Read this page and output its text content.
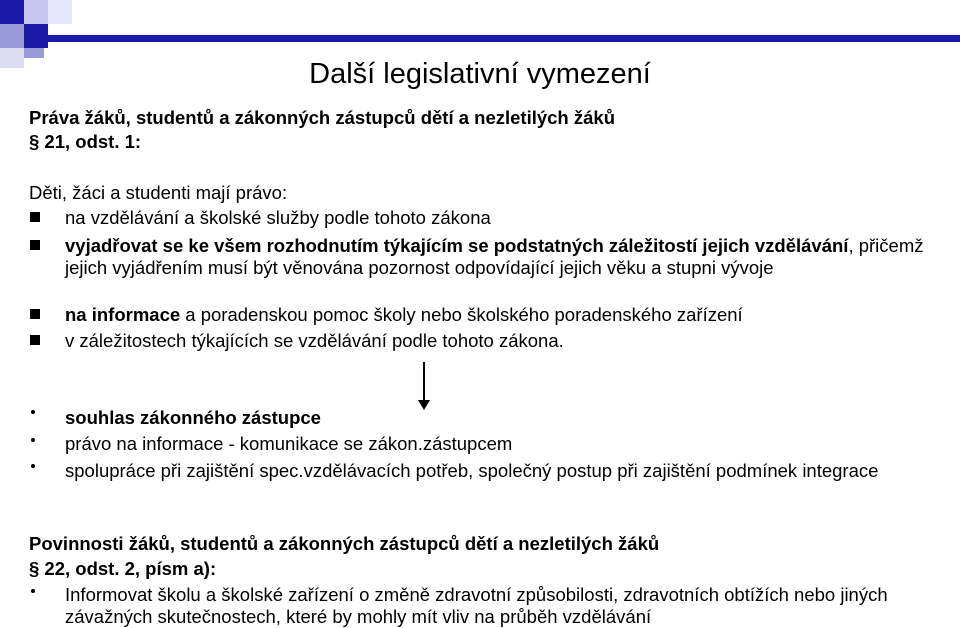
Další legislativní vymezení
Práva žáků, studentů a zákonných zástupců dětí a nezletilých žáků
§ 21, odst. 1:
Děti, žáci a studenti mají právo:
na vzdělávání a školské služby podle tohoto zákona
vyjadřovat se ke všem rozhodnutím týkajícím se podstatných záležitostí jejich vzdělávání, přičemž jejich vyjádřením musí být věnována pozornost odpovídající jejich věku a stupni vývoje
na informace a poradenskou pomoc školy nebo školského poradenského zařízení
v záležitostech týkajících se vzdělávání podle tohoto zákona.
souhlas zákonného zástupce
právo na informace - komunikace se zákon.zástupcem
spolupráce při zajištění spec.vzdělávacích potřeb, společný postup při zajištění podmínek integrace
Povinnosti žáků, studentů a zákonných zástupců dětí a nezletilých žáků
§ 22, odst. 2, písm a):
Informovat školu a školské zařízení o změně zdravotní způsobilosti, zdravotních obtížích nebo jiných závažných skutečnostech, které by mohly mít vliv na průběh vzdělávání
